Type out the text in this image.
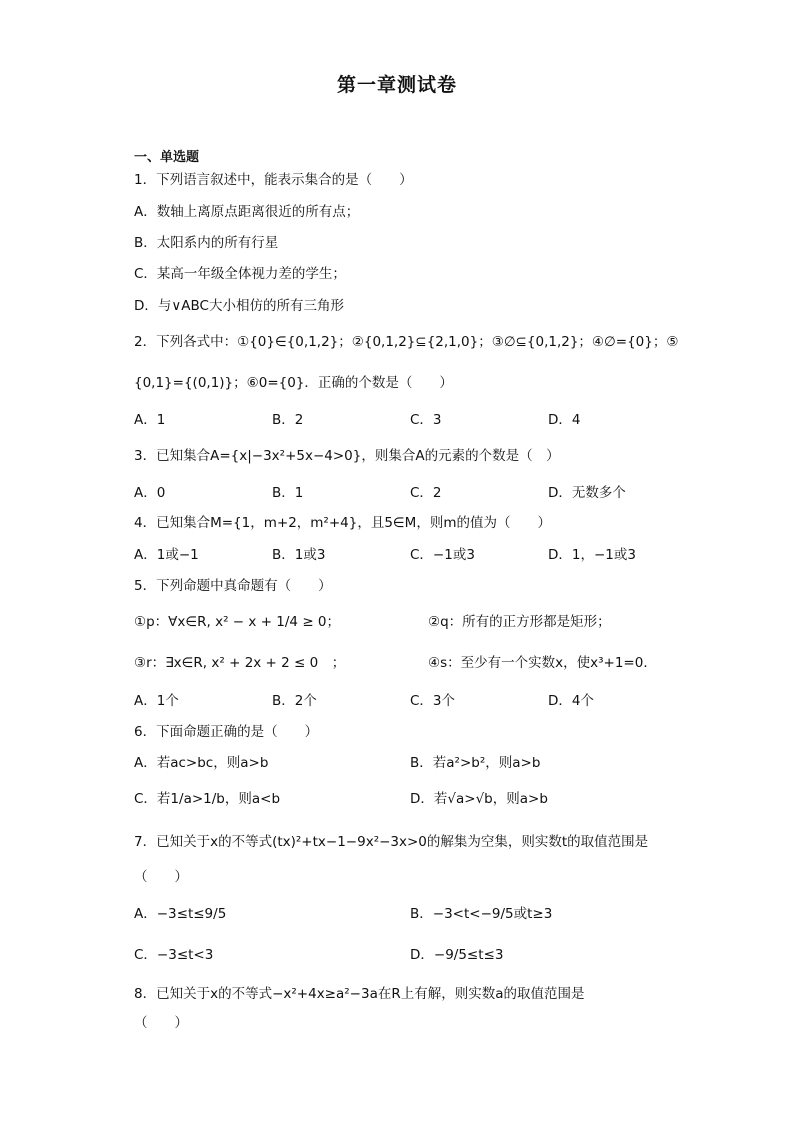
第一章测试卷
一、单选题
1．下列语言叙述中，能表示集合的是（　　）
A．数轴上离原点距离很近的所有点；
B．太阳系内的所有行星
C．某高一年级全体视力差的学生；
D．与∨ABC大小相仿的所有三角形
2．下列各式中：①{0}∈{0,1,2}；②{0,1,2}⊆{2,1,0}；③∅⊆{0,1,2}；④∅={0}；⑤
{0,1}={(0,1)}；⑥0={0}．正确的个数是（　　）
A．1	B．2	C．3	D．4
3．已知集合A={x|−3x²+5x−4>0}，则集合A的元素的个数是（　）
A．0	B．1	C．2	D．无数多个
4．已知集合M={1，m+2，m²+4}，且5∈M，则m的值为（　　）
A．1或−1	B．1或3	C．−1或3	D．1，−1或3
5．下列命题中真命题有（　　）
①p：∀x∈R, x² − x + 1/4 ≥ 0；	②q：所有的正方形都是矩形；
③r：∃x∈R, x² + 2x + 2 ≤ 0　；	④s：至少有一个实数x，使x³+1=0．
A．1个	B．2个	C．3个	D．4个
6．下面命题正确的是（　　）
A．若ac>bc，则a>b	B．若a²>b²，则a>b
C．若1/a>1/b，则a<b	D．若√a>√b，则a>b
7．已知关于x的不等式(tx)²+tx−1−9x²−3x>0的解集为空集，则实数t的取值范围是
（　　）
A．−3≤t≤9/5	B．−3<t<−9/5或t≥3
C．−3≤t<3	D．−9/5≤t≤3
8．已知关于x的不等式−x²+4x≥a²−3a在R上有解，则实数a的取值范围是
（　　）
